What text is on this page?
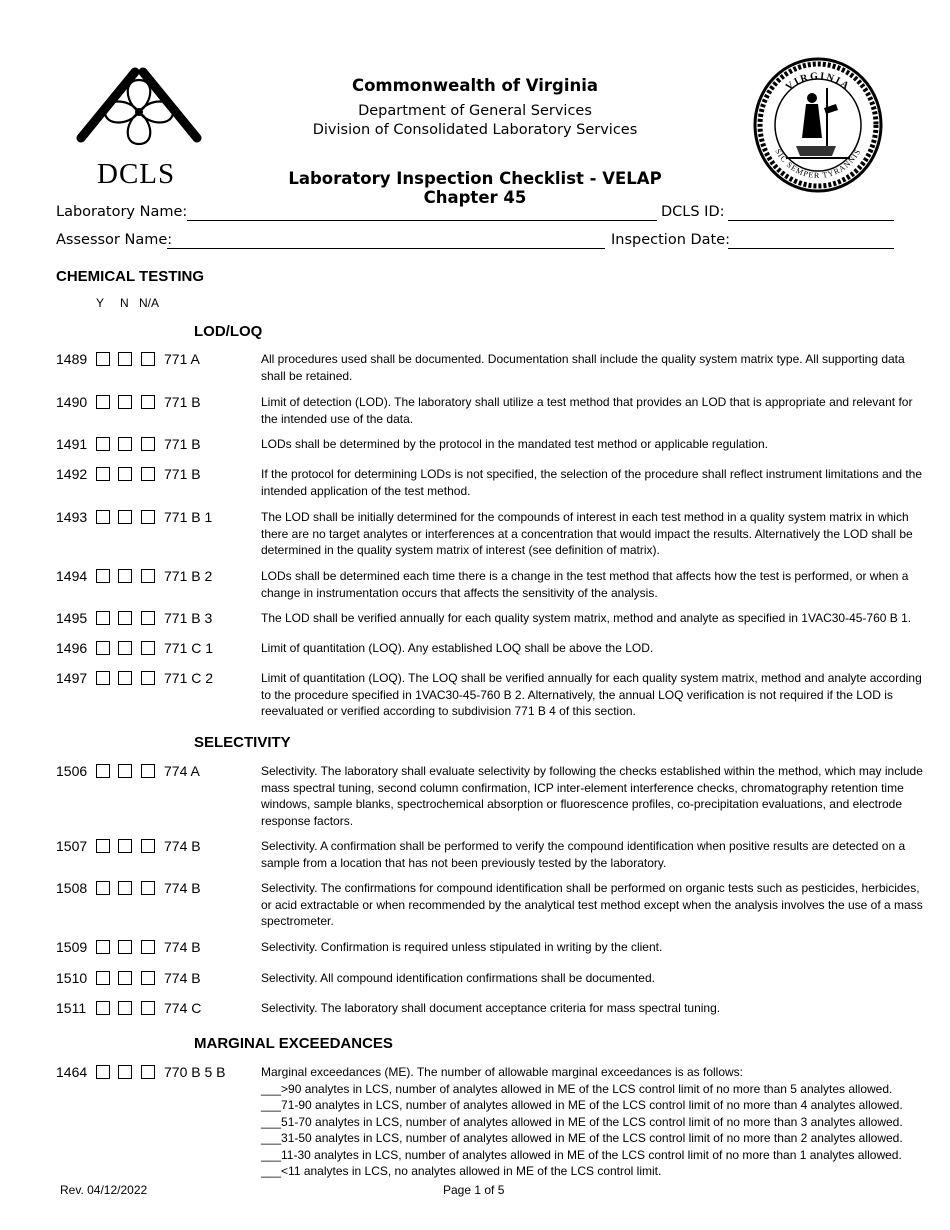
DCLS
Commonwealth of Virginia
Department of General Services
Division of Consolidated Laboratory Services
Laboratory Inspection Checklist - VELAP Chapter 45
VIRGINIA
SIC SEMPER TYRANNIS
Laboratory Name:	DCLS ID:
Assessor Name:	Inspection Date:
CHEMICAL TESTING
Y N N/A
LOD/LOQ
1489	771 A	All procedures used shall be documented. Documentation shall include the quality system matrix type. All supporting data shall be retained.
1490	771 B	Limit of detection (LOD). The laboratory shall utilize a test method that provides an LOD that is appropriate and relevant for the intended use of the data.
1491	771 B	LODs shall be determined by the protocol in the mandated test method or applicable regulation.
1492	771 B	If the protocol for determining LODs is not specified, the selection of the procedure shall reflect instrument limitations and the intended application of the test method.
1493	771 B 1	The LOD shall be initially determined for the compounds of interest in each test method in a quality system matrix in which there are no target analytes or interferences at a concentration that would impact the results. Alternatively the LOD shall be determined in the quality system matrix of interest (see definition of matrix).
1494	771 B 2	LODs shall be determined each time there is a change in the test method that affects how the test is performed, or when a change in instrumentation occurs that affects the sensitivity of the analysis.
1495	771 B 3	The LOD shall be verified annually for each quality system matrix, method and analyte as specified in 1VAC30-45-760 B 1.
1496	771 C 1	Limit of quantitation (LOQ). Any established LOQ shall be above the LOD.
1497	771 C 2	Limit of quantitation (LOQ). The LOQ shall be verified annually for each quality system matrix, method and analyte according to the procedure specified in 1VAC30-45-760 B 2. Alternatively, the annual LOQ verification is not required if the LOD is reevaluated or verified according to subdivision 771 B 4 of this section.
SELECTIVITY
1506	774 A	Selectivity. The laboratory shall evaluate selectivity by following the checks established within the method, which may include mass spectral tuning, second column confirmation, ICP inter-element interference checks, chromatography retention time windows, sample blanks, spectrochemical absorption or fluorescence profiles, co-precipitation evaluations, and electrode response factors.
1507	774 B	Selectivity. A confirmation shall be performed to verify the compound identification when positive results are detected on a sample from a location that has not been previously tested by the laboratory.
1508	774 B	Selectivity. The confirmations for compound identification shall be performed on organic tests such as pesticides, herbicides, or acid extractable or when recommended by the analytical test method except when the analysis involves the use of a mass spectrometer.
1509	774 B	Selectivity. Confirmation is required unless stipulated in writing by the client.
1510	774 B	Selectivity. All compound identification confirmations shall be documented.
1511	774 C	Selectivity. The laboratory shall document acceptance criteria for mass spectral tuning.
MARGINAL EXCEEDANCES
1464	770 B 5 B	Marginal exceedances (ME). The number of allowable marginal exceedances is as follows:
___>90 analytes in LCS, number of analytes allowed in ME of the LCS control limit of no more than 5 analytes allowed.
___71-90 analytes in LCS, number of analytes allowed in ME of the LCS control limit of no more than 4 analytes allowed.
___51-70 analytes in LCS, number of analytes allowed in ME of the LCS control limit of no more than 3 analytes allowed.
___31-50 analytes in LCS, number of analytes allowed in ME of the LCS control limit of no more than 2 analytes allowed.
___11-30 analytes in LCS, number of analytes allowed in ME of the LCS control limit of no more than 1 analytes allowed.
___<11 analytes in LCS, no analytes allowed in ME of the LCS control limit.
Rev. 04/12/2022	Page 1 of 5
